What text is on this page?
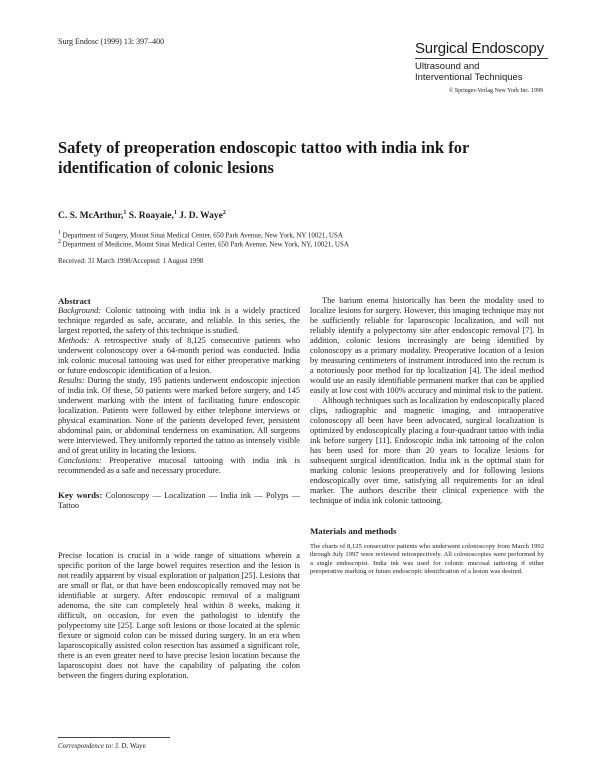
Surg Endosc (1999) 13: 397–400	Surgical Endoscopy
Ultrasound and
Interventional Techniques
© Springer-Verlag New York Inc. 1999
Safety of preoperation endoscopic tattoo with india ink for identification of colonic lesions
C. S. McArthur,$^1$ S. Roayaie,$^1$ J. D. Waye$^2$
$^1$ Department of Surgery, Mount Sinai Medical Center, 650 Park Avenue, New York, NY 10021, USA
$^2$ Department of Medicine, Mount Sinai Medical Center, 650 Park Avenue, New York, NY, 10021, USA
Received: 31 March 1998/Accepted: 1 August 1998
Abstract

Background: Colonic tattooing with india ink is a widely practiced technique regarded as safe, accurate, and reliable. In this series, the largest reported, the safety of this technique is studied.

Methods: A retrospective study of 8,125 consecutive patients who underwent colonoscopy over a 64-month period was conducted. India ink colonic mucosal tattooing was used for either preoperative marking or future endoscopic identification of a lesion.

Results: During the study, 195 patients underwent endoscopic injection of india ink. Of these, 50 patients were marked before surgery, and 145 underwent marking with the intent of facilitating future endoscopic localization. Patients were followed by either telephone interviews or physical examination. None of the patients developed fever, persistent abdominal pain, or abdominal tenderness on examination. All surgeons were interviewed. They uniformly reported the tattoo as intensely visible and of great utility in locating the lesions.

Conclusions: Preoperative mucosal tattooing with india ink is recommended as a safe and necessary procedure.

Key words: Colonoscopy — Localization — India ink — Polyps — Tattoo

Precise location is crucial in a wide range of situations wherein a specific poriton of the large bowel requires resection and the lesion is not readily apparent by visual exploration or palpation [25]. Lesions that are small or flat, or that have been endoscopically removed may not be identifiable at surgery. After endoscopic removal of a malignant adenoma, the site can completely heal within 8 weeks, making it difficult, on occasion, for even the pathologist to identify the polypectomy site [25]. Large soft lesions or those located at the splenic flexure or sigmoid colon can be missed during surgery. In an era when laparoscopically assisted colon resection has assumed a significant role, there is an even greater need to have precise lesion location because the laparoscopist does not have the capability of palpating the colon between the fingers during exploration.

The barium enema historically has been the modality used to localize lesions for surgery. However, this imaging technique may not be sufficiently reliable for laparoscopic localization, and will not reliably identify a polypectomy site after endoscopic removal [7]. In addition, colonic lesions increasingly are being identified by colonoscopy as a primary modality. Preoperative location of a lesion by measuring centimeters of instrument introduced into the rectum is a notoriously poor method for tip localization [4]. The ideal method would use an easily identifiable permanent marker that can be applied easily at low cost with 100% accuracy and minimal risk to the patient.

Although techniques such as localization by endoscopically placed clips, radiographic and magnetic imaging, and intraoperative colonoscopy all been have been advocated, surgical localization is optimized by endoscopically placing a four-quadrant tattoo with india ink before surgery [11]. Endoscopic india ink tattooing of the colon has been used for more than 20 years to localize lesions for subsequent surgical identification. India ink is the optimal stain for marking colonic lesions preoperatively and for following lesions endoscopically over time, satisfying all requirements for an ideal marker. The authors describe their clinical experience with the technique of india ink colonic tattooing.

Materials and methods

The charts of 8,125 consecutive patients who underwent colonoscopy from March 1992 through July 1997 were reviewed retrospectively. All colonoscopies were performed by a single endoscopist. India ink was used for colonic mucosal tattooing if either preoperative marking or future endoscopic identification of a lesion was desired.

Correspondence to: J. D. Waye
